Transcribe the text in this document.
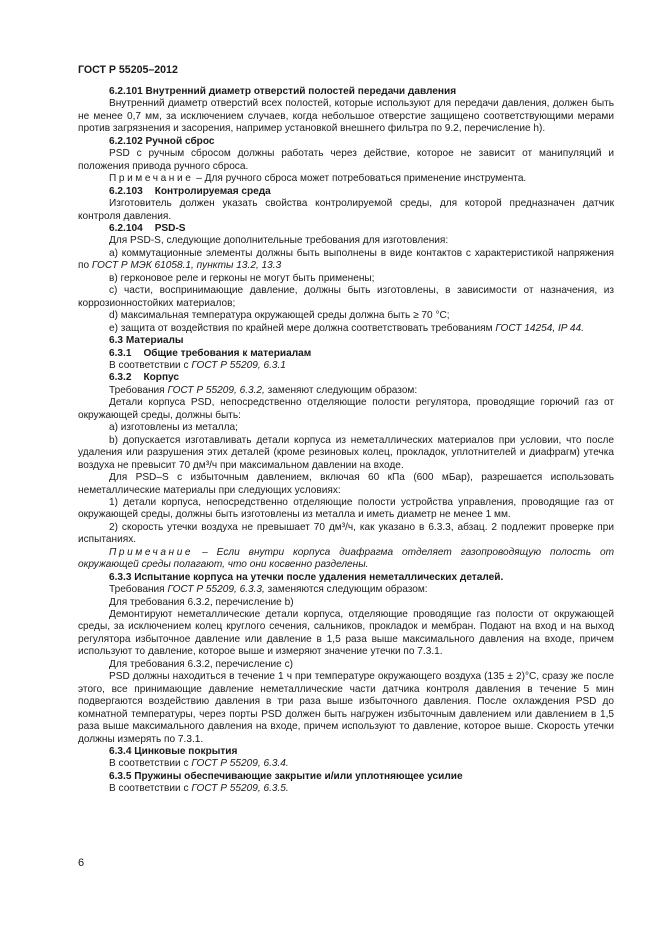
ГОСТ Р 55205–2012

6.2.101 Внутренний диаметр отверстий полостей передачи давления

Внутренний диаметр отверстий всех полостей, которые используют для передачи давления, должен быть не менее 0,7 мм, за исключением случаев, когда небольшое отверстие защищено соответствующими мерами против загрязнения и засорения, например установкой внешнего фильтра по 9.2, перечисление h).

6.2.102 Ручной сброс

PSD с ручным сбросом должны работать через действие, которое не зависит от манипуляций и положения привода ручного сброса.

Примечание – Для ручного сброса может потребоваться применение инструмента.

6.2.103 Контролируемая среда

Изготовитель должен указать свойства контролируемой среды, для которой предназначен датчик контроля давления.

6.2.104 PSD-S

Для PSD-S, следующие дополнительные требования для изготовления:

а) коммутационные элементы должны быть выполнены в виде контактов с характеристикой напряжения по ГОСТ Р МЭК 61058.1, пункты 13.2, 13.3

в) герконовое реле и герконы не могут быть применены;

с) части, воспринимающие давление, должны быть изготовлены, в зависимости от назначения, из коррозионностойких материалов;

d) максимальная температура окружающей среды должна быть ≥ 70 °С;

е) защита от воздействия по крайней мере должна соответствовать требованиям ГОСТ 14254, IP 44.

6.3 Материалы

6.3.1 Общие требования к материалам

В соответствии с ГОСТ Р 55209, 6.3.1

6.3.2 Корпус

Требования ГОСТ Р 55209, 6.3.2, заменяют следующим образом:

Детали корпуса PSD, непосредственно отделяющие полости регулятора, проводящие горючий газ от окружающей среды, должны быть:

а) изготовлены из металла;

b) допускается изготавливать детали корпуса из неметаллических материалов при условии, что после удаления или разрушения этих деталей (кроме резиновых колец, прокладок, уплотнителей и диафрагм) утечка воздуха не превысит 70 дм³/ч при максимальном давлении на входе.

Для PSD–S с избыточным давлением, включая 60 кПа (600 мБар), разрешается использовать неметаллические материалы при следующих условиях:

1) детали корпуса, непосредственно отделяющие полости устройства управления, проводящие газ от окружающей среды, должны быть изготовлены из металла и иметь диаметр не менее 1 мм.

2) скорость утечки воздуха не превышает 70 дм³/ч, как указано в 6.3.3, абзац. 2 подлежит проверке при испытаниях.

Примечание – Если внутри корпуса диафрагма отделяет газопроводящую полость от окружающей среды полагают, что они косвенно разделены.

6.3.3 Испытание корпуса на утечки после удаления неметаллических деталей.

Требования ГОСТ Р 55209, 6.3.3, заменяются следующим образом:

Для требования 6.3.2, перечисление b)

Демонтируют неметаллические детали корпуса, отделяющие проводящие газ полости от окружающей среды, за исключением колец круглого сечения, сальников, прокладок и мембран. Подают на вход и на выход регулятора избыточное давление или давление в 1,5 раза выше максимального давления на входе, причем используют то давление, которое выше и измеряют значение утечки по 7.3.1.

Для требования 6.3.2, перечисление с)

PSD должны находиться в течение 1 ч при температуре окружающего воздуха (135 ± 2)°С, сразу же после этого, все принимающие давление неметаллические части датчика контроля давления в течение 5 мин подвергаются воздействию давления в три раза выше избыточного давления. После охлаждения PSD до комнатной температуры, через порты PSD должен быть нагружен избыточным давлением или давлением в 1,5 раза выше максимального давления на входе, причем используют то давление, которое выше. Скорость утечки должны измерять по 7.3.1.

6.3.4 Цинковые покрытия

В соответствии с ГОСТ Р 55209, 6.3.4.

6.3.5 Пружины обеспечивающие закрытие и/или уплотняющее усилие

В соответствии с ГОСТ Р 55209, 6.3.5.

6
